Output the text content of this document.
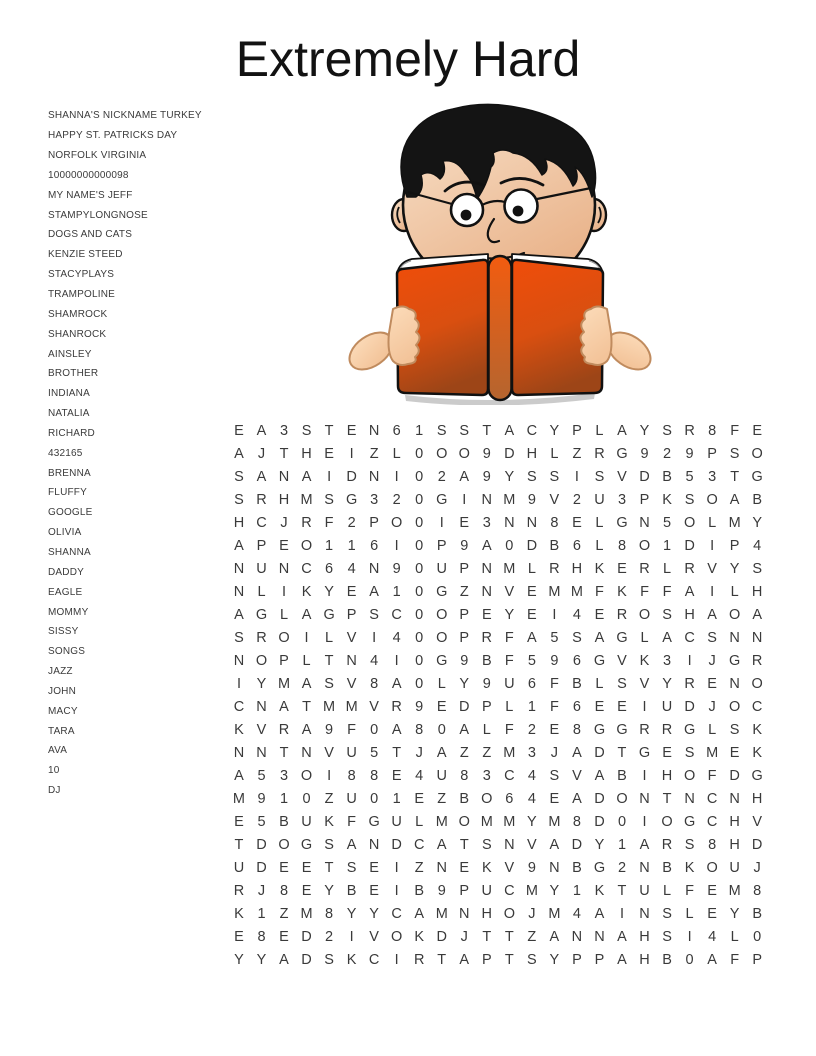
Extremely Hard
SHANNA'S NICKNAME TURKEY
HAPPY ST. PATRICKS DAY
NORFOLK VIRGINIA
10000000000098
MY NAME'S JEFF
STAMPYLONGNOSE
DOGS AND CATS
KENZIE STEED
STACYPLAYS
TRAMPOLINE
SHAMROCK
SHANROCK
AINSLEY
BROTHER
INDIANA
NATALIA
RICHARD
432165
BRENNA
FLUFFY
GOOGLE
OLIVIA
SHANNA
DADDY
EAGLE
MOMMY
SISSY
SONGS
JAZZ
JOHN
MACY
TARA
AVA
10
DJ
E A 3 S T E N 6 1 S S T A C Y P L A Y S R 8 F E
A J T H E	I	Z L 0 O O 9 D H L Z R G 9 2 9 P S O
S A N A	I	D N	I	0 2 A 9 Y S S	I	S V D B 5 3 T G
S R H M S G 3 2 0 G	I	N M 9 V 2 U 3 P K S O A B
H C J R F 2 P O 0	I	E 3 N N 8 E L G N 5 O L M Y
A P E O 1 1 6	I	0 P 9 A 0 D B 6 L 8 O 1 D	I	P 4
N U N C 6 4 N 9 0 U P N M L R H K E R L R V Y S
N L	I	K Y E A 1 0 G Z N V E M M F K F F A	I	L H
A G L A G P S C 0 O P E Y E	I	4 E R O S H A O A
S R O	I	L V	I	4 0 O P R F A 5 S A G L A C S N N
N O P L T N 4	I	0 G 9 B F 5 9 6 G V K 3	I	J G R
I	Y M A S V 8 A 0 L Y 9 U 6 F B L S V Y R E N O
C N A T M M V R 9 E D P L 1 F 6 E E	I	U D J O C
K V R A 9 F 0 A 8 0 A L F 2 E 8 G G R R G L S K
N N T N V U 5 T J A Z Z M 3	J A D T G E S M E K
A 5 3 O	I	8 8 E 4 U 8 3 C 4 S V A B	I	H O F D G
M 9 1 0 Z U 0 1 E Z B O 6 4 E A D O N T N C N H
E 5 B U K F G U L M O M M Y M 8 D 0	I	O G C H V
T D O G S A N D C A T S N V A D Y 1 A R S 8 H D
U D E E T S E	I	Z N E K V 9 N B G 2 N B K O U J
R J	8 E Y B E	I	B 9 P U C M Y 1 K T U L F E M 8
K 1 Z M 8 Y Y C A M N H O J M 4 A	I	N S L E Y B
E 8 E D 2	I	V O K D J T T Z A N N A H S	I	4 L 0
Y Y A D S K C	I	R T A P T S Y P P A H B 0 A F P
